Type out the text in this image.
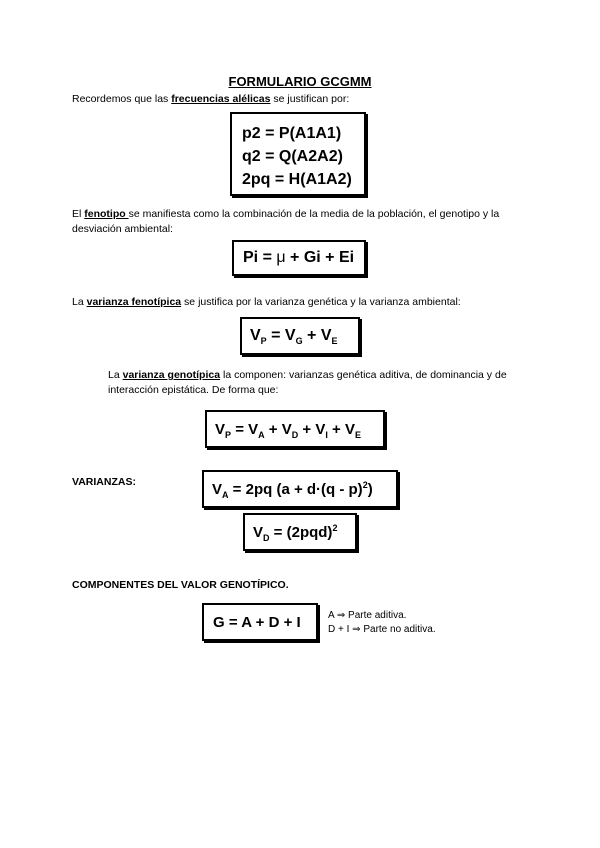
FORMULARIO GCGMM
Recordemos que las frecuencias alélicas se justifican por:
p2 = P(A1A1)
q2 = Q(A2A2)
2pq = H(A1A2)
El fenotipo se manifiesta como la combinación de la media de la población, el genotipo y la desviación ambiental:
Pi = μ + Gi + Ei
La varianza fenotípica se justifica por la varianza genética y la varianza ambiental:
$V_P = V_G + V_E$
La varianza genotípica la componen: varianzas genética aditiva, de dominancia y de interacción epistática. De forma que:
$V_P = V_A + V_D + V_I + V_E$
VARIANZAS:	$V_A = 2pq$ (a + d·(q - p)$^2$)
$V_D = (2pqd)^2$
COMPONENTES DEL VALOR GENOTÍPICO.
G = A + D + I	A ⇒ Parte aditiva.
D + I ⇒ Parte no aditiva.
